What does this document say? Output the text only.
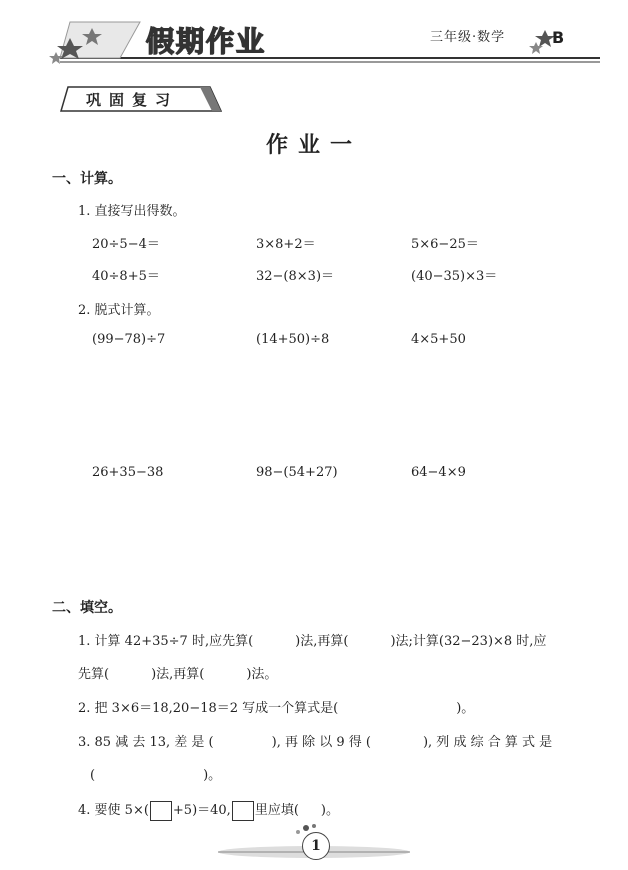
假期作业	三年级·数学	B
巩固复习
作业一
一、计算。
1. 直接写出得数。
20÷5−4＝	3×8+2＝	5×6−25＝
40÷8+5＝	32−(8×3)＝	(40−35)×3＝
2. 脱式计算。
(99−78)÷7	(14+50)÷8	4×5+50
26+35−38	98−(54+27)	64−4×9
二、填空。
1. 计算 42+35÷7 时,应先算(	)法,再算(	)法;计算(32−23)×8 时,应
先算(	)法,再算(	)法。
2. 把 3×6＝18,20−18＝2 写成一个算式是(	)。
3. 85 减 去 13, 差 是 (	), 再 除 以 9 得 (	), 列 成 综 合 算 式 是
(	)。
4. 要使 5×( +5)＝40, 里应填( )。
1
